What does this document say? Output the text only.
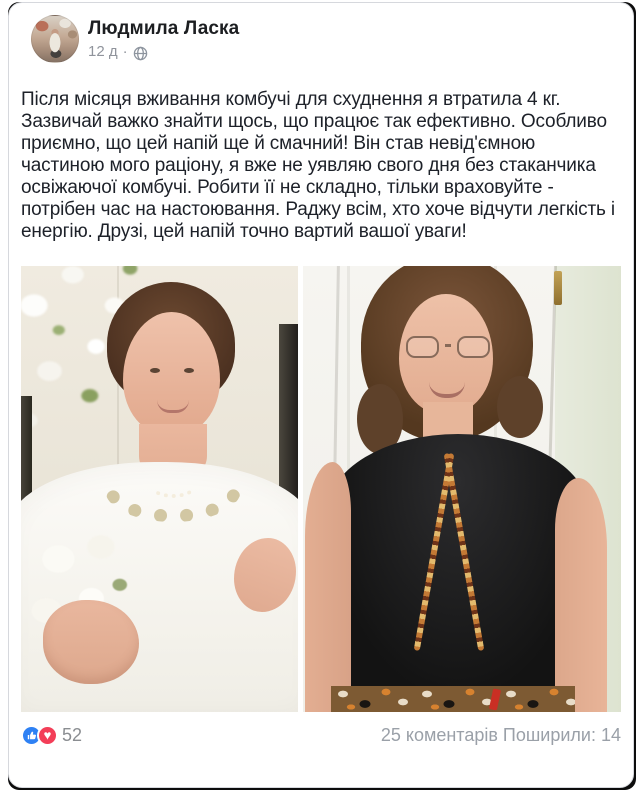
Людмила Ласка
12 д ·
Після місяця вживання комбучі для схуднення я втратила 4 кг. Зазвичай важко знайти щось, що працює так ефективно. Особливо приємно, що цей напій ще й смачний! Він став невід'ємною частиною мого раціону, я вже не уявляю свого дня без стаканчика освіжаючої комбучі. Робити її не складно, тільки враховуйте - потрібен час на настоювання. Раджу всім, хто хоче відчути легкість і енергію. Друзі, цей напій точно вартий вашої уваги!
♥ 52	25 коментарів Поширили: 14
